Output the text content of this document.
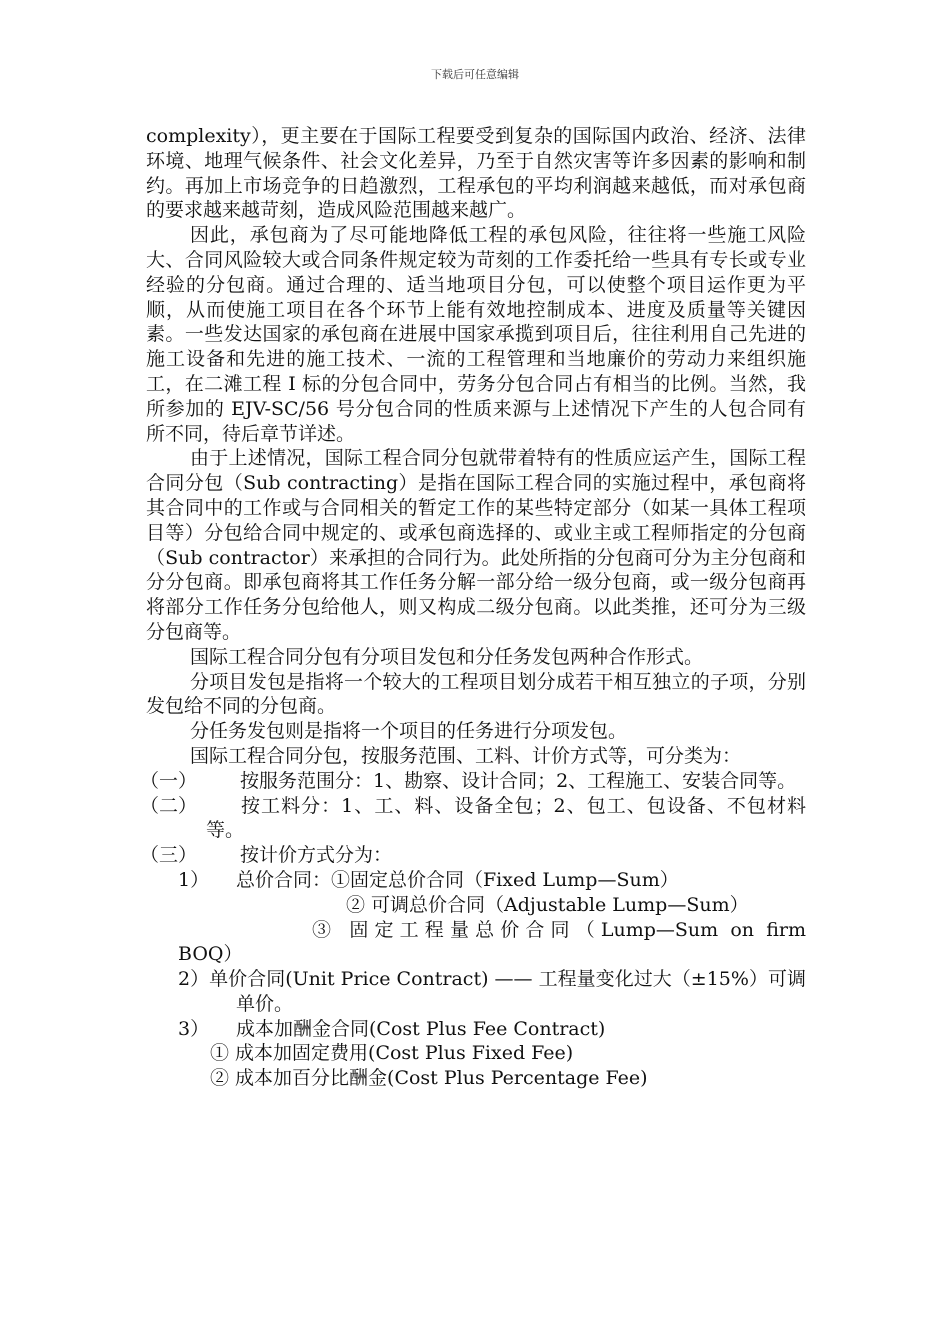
下载后可任意编辑

complexity），更主要在于国际工程要受到复杂的国际国内政治、经济、法律环境、地理气候条件、社会文化差异，乃至于自然灾害等许多因素的影响和制约。再加上市场竞争的日趋激烈，工程承包的平均利润越来越低，而对承包商的要求越来越苛刻，造成风险范围越来越广。

因此，承包商为了尽可能地降低工程的承包风险，往往将一些施工风险大、合同风险较大或合同条件规定较为苛刻的工作委托给一些具有专长或专业经验的分包商。通过合理的、适当地项目分包，可以使整个项目运作更为平顺，从而使施工项目在各个环节上能有效地控制成本、进度及质量等关键因素。一些发达国家的承包商在进展中国家承揽到项目后，往往利用自己先进的施工设备和先进的施工技术、一流的工程管理和当地廉价的劳动力来组织施工，在二滩工程 I 标的分包合同中，劳务分包合同占有相当的比例。当然，我所参加的 EJV-SC/56 号分包合同的性质来源与上述情况下产生的人包合同有所不同，待后章节详述。

由于上述情况，国际工程合同分包就带着特有的性质应运产生，国际工程合同分包（Sub contracting）是指在国际工程合同的实施过程中，承包商将其合同中的工作或与合同相关的暂定工作的某些特定部分（如某一具体工程项目等）分包给合同中规定的、或承包商选择的、或业主或工程师指定的分包商（Sub contractor）来承担的合同行为。此处所指的分包商可分为主分包商和分分包商。即承包商将其工作任务分解一部分给一级分包商，或一级分包商再将部分工作任务分包给他人，则又构成二级分包商。以此类推，还可分为三级分包商等。

国际工程合同分包有分项目发包和分任务发包两种合作形式。

分项目发包是指将一个较大的工程项目划分成若干相互独立的子项，分别发包给不同的分包商。

分任务发包则是指将一个项目的任务进行分项发包。

国际工程合同分包，按服务范围、工料、计价方式等，可分类为：

（一） 按服务范围分：1、勘察、设计合同；2、工程施工、安装合同等。

（二） 按工料分：1、工、料、设备全包；2、包工、包设备、不包材料等。

（三） 按计价方式分为：

1） 总价合同：①固定总价合同（Fixed Lump—Sum）

② 可调总价合同（Adjustable Lump—Sum）

③ 固定工程量总价合同（Lump—Sum on firm

BOQ）

2）单价合同(Unit Price Contract) —— 工程量变化过大（±15%）可调单价。

3） 成本加酬金合同(Cost Plus Fee Contract)

① 成本加固定费用(Cost Plus Fixed Fee)

② 成本加百分比酬金(Cost Plus Percentage Fee)
